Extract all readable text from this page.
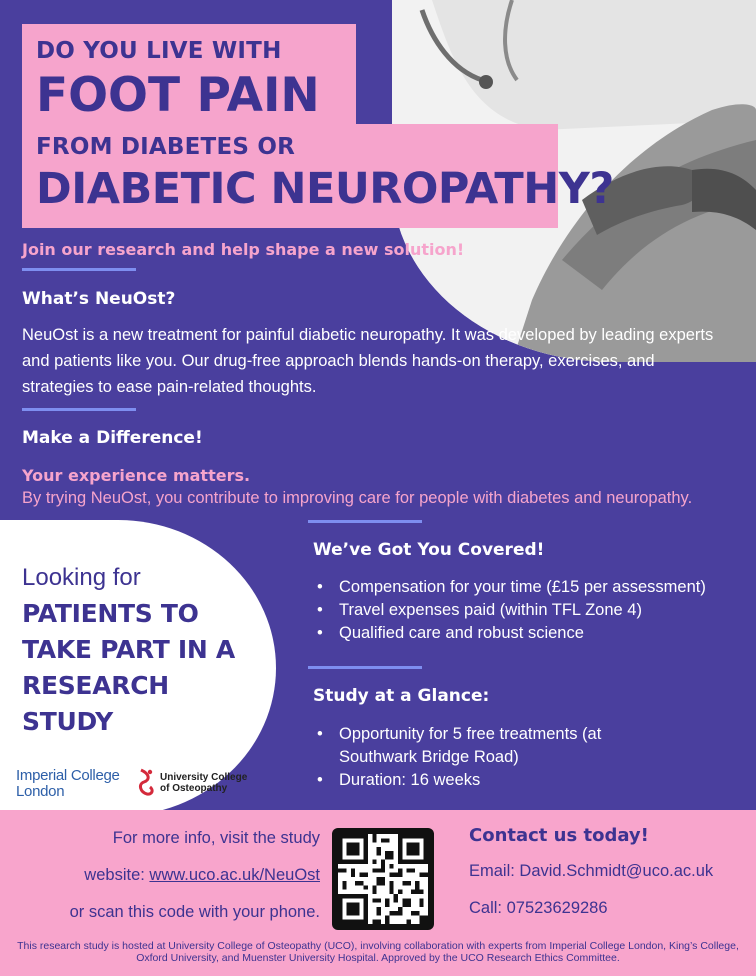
DO YOU LIVE WITH
FOOT PAIN
FROM DIABETES OR
DIABETIC NEUROPATHY?
Join our research and help shape a new solution!
What’s NeuOst?
NeuOst is a new treatment for painful diabetic neuropathy. It was developed by leading experts and patients like you. Our drug-free approach blends hands-on therapy, exercises, and strategies to ease pain-related thoughts.
Make a Difference!
Your experience matters.
By trying NeuOst, you contribute to improving care for people with diabetes and neuropathy.
Looking for
PATIENTS TO TAKE PART IN A RESEARCH STUDY
Imperial College
London
University College
of Osteopathy
We’ve Got You Covered!
• Compensation for your time (£15 per assessment)
• Travel expenses paid (within TFL Zone 4)
• Qualified care and robust science
Study at a Glance:
• Opportunity for 5 free treatments (at Southwark Bridge Road)
• Duration: 16 weeks
For more info, visit the study
website: www.uco.ac.uk/NeuOst
or scan this code with your phone.
Contact us today!
Email: David.Schmidt@uco.ac.uk
Call: 07523629286
This research study is hosted at University College of Osteopathy (UCO), involving collaboration with experts from Imperial College London, King’s College, Oxford University, and Muenster University Hospital. Approved by the UCO Research Ethics Committee.
